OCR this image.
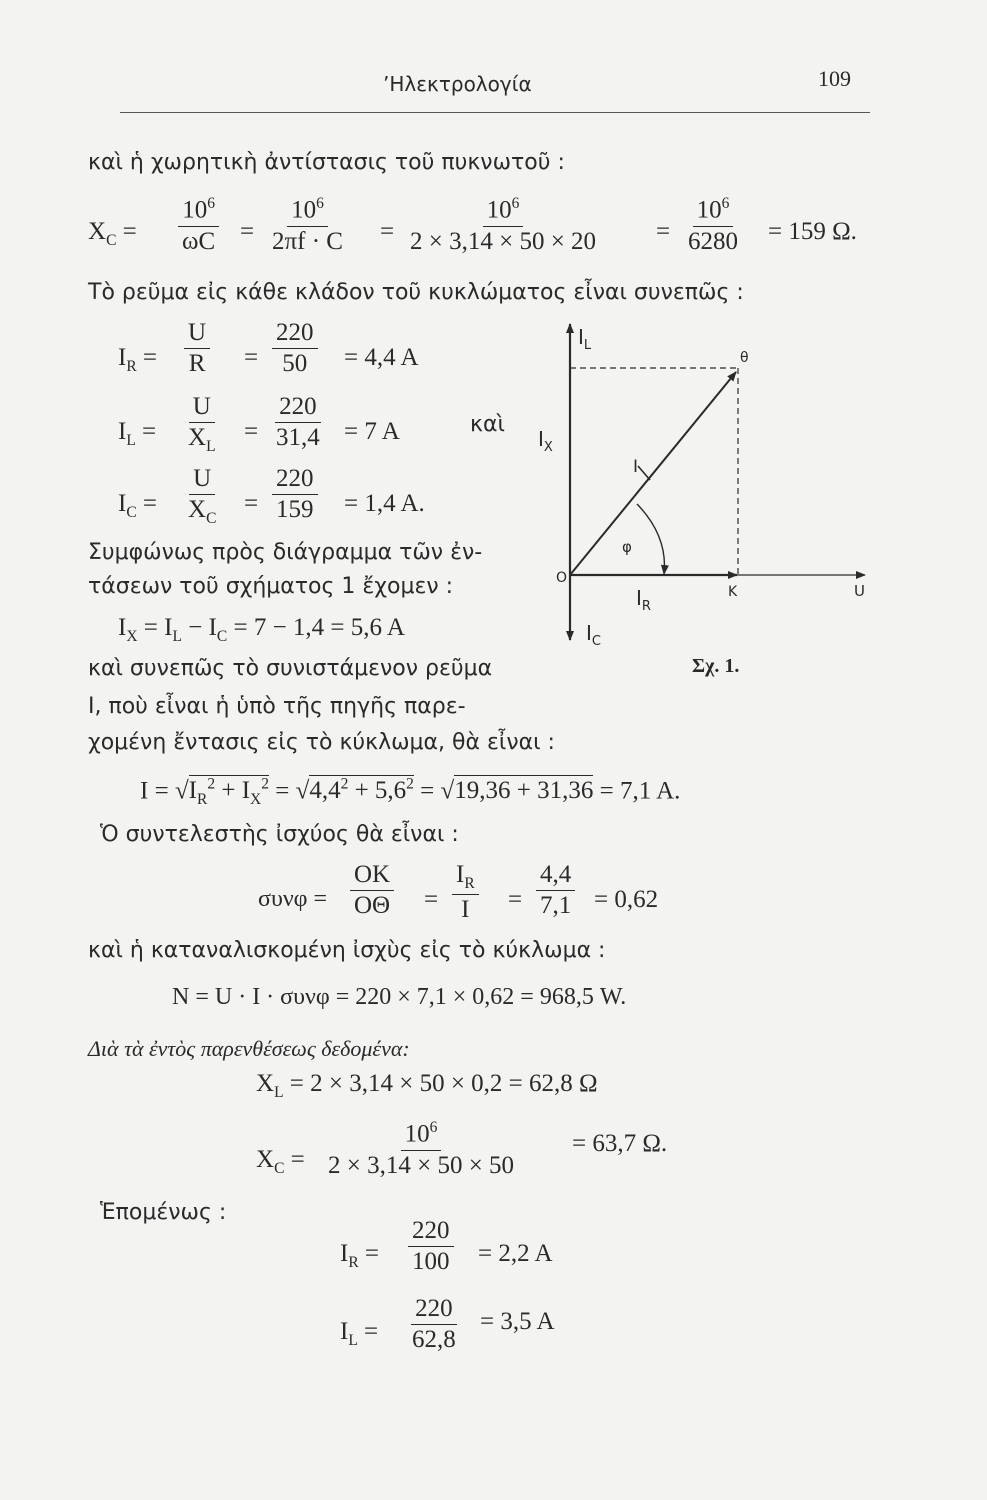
’Ηλεκτρολογία	109
καὶ ἡ χωρητικὴ ἀντίστασις τοῦ πυκνωτοῦ :
$X_C = \frac{10^6}{\omega C} = \frac{10^6}{2\pi f \cdot C} = \frac{10^6}{2 \times 3,14 \times 50 \times 20} = \frac{10^6}{6280} = 159$ Ω.
Τὸ ρεῦμα εἰς κάθε κλάδον τοῦ κυκλώματος εἶναι συνεπῶς :
$I_R = \frac{U}{R} = \frac{220}{50} = 4,4$ A
$I_L = \frac{U}{X_L} = \frac{220}{31,4} = 7$ A	καὶ
$I_C = \frac{U}{X_C} = \frac{220}{159} = 1,4$ A.
Συμφώνως πρὸς διάγραμμα τῶν ἐν-
τάσεων τοῦ σχήματος 1 ἔχομεν :
$I_X = I_L - I_C = 7 - 1,4 = 5,6$ A
καὶ συνεπῶς τὸ συνιστάμενον ρεῦμα
I, ποὺ εἶναι ἡ ὑπὸ τῆς πηγῆς παρε-
χομένη ἔντασις εἰς τὸ κύκλωμα, θὰ εἶναι :
$I = √I_R^2 + I_X^2 = √4,4^2 + 5,6^2 = √19,36 + 31,36 = 7,1$ A.
Ὁ συντελεστὴς ἰσχύος θὰ εἶναι :
$\sigma\upsilon\nu\varphi = \frac{OK}{O\Theta} = \frac{I_R}{I} = \frac{4,4}{7,1} = 0,62$
καὶ ἡ καταναλισκομένη ἰσχὺς εἰς τὸ κύκλωμα :
N = U · I · συνφ = 220 × 7,1 × 0,62 = 968,5 W.
Διὰ τὰ ἐντὸς παρενθέσεως δεδομένα:
$X_L = 2 \times 3,14 \times 50 \times 0,2 = 62,8$ Ω
$X_C = \frac{10^6}{2 \times 3,14 \times 50 \times 50} = 63,7$ Ω.
Ἑπομένως :
$I_R = \frac{220}{100} = 2,2$ A
$I_L = \frac{220}{62,8} = 3,5$ A
$I_L$
θ
$I_X$
I
φ
O
$I_R$
K	U
$I_C$
Σχ. 1.
